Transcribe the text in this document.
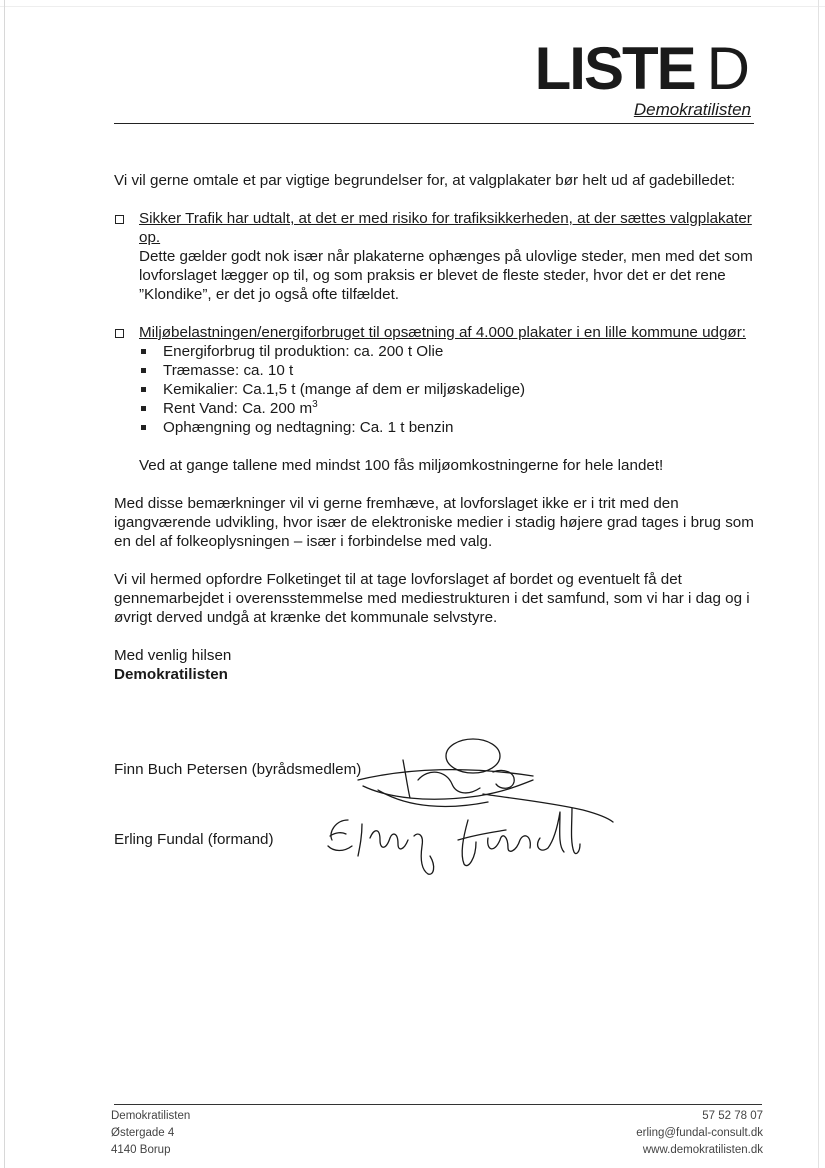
LISTE D
Demokratilisten

Vi vil gerne omtale et par vigtige begrundelser for, at valgplakater bør helt ud af gadebilledet:

Sikker Trafik har udtalt, at det er med risiko for trafiksikkerheden, at der sættes valgplakater op.

Dette gælder godt nok især når plakaterne ophænges på ulovlige steder, men med det som lovforslaget lægger op til, og som praksis er blevet de fleste steder, hvor det er det rene ”Klondike”, er det jo også ofte tilfældet.

Miljøbelastningen/energiforbruget til opsætning af 4.000 plakater i en lille kommune udgør:

Energiforbrug til produktion: ca. 200 t Olie
Træmasse: ca. 10 t
Kemikalier: Ca.1,5 t (mange af dem er miljøskadelige)
Rent Vand: Ca. 200 $m^3$
Ophængning og nedtagning: Ca. 1 t benzin

Ved at gange tallene med mindst 100 fås miljøomkostningerne for hele landet!

Med disse bemærkninger vil vi gerne fremhæve, at lovforslaget ikke er i trit med den igangværende udvikling, hvor især de elektroniske medier i stadig højere grad tages i brug som en del af folkeoplysningen – især i forbindelse med valg.

Vi vil hermed opfordre Folketinget til at tage lovforslaget af bordet og eventuelt få det gennemarbejdet i overensstemmelse med mediestrukturen i det samfund, som vi har i dag og i øvrigt derved undgå at krænke det kommunale selvstyre.

Med venlig hilsen

Demokratilisten

Finn Buch Petersen (byrådsmedlem)
Erling Fundal (formand)
Demokratilisten
Østergade 4
4140 Borup
57 52 78 07
erling@fundal-consult.dk
www.demokratilisten.dk
